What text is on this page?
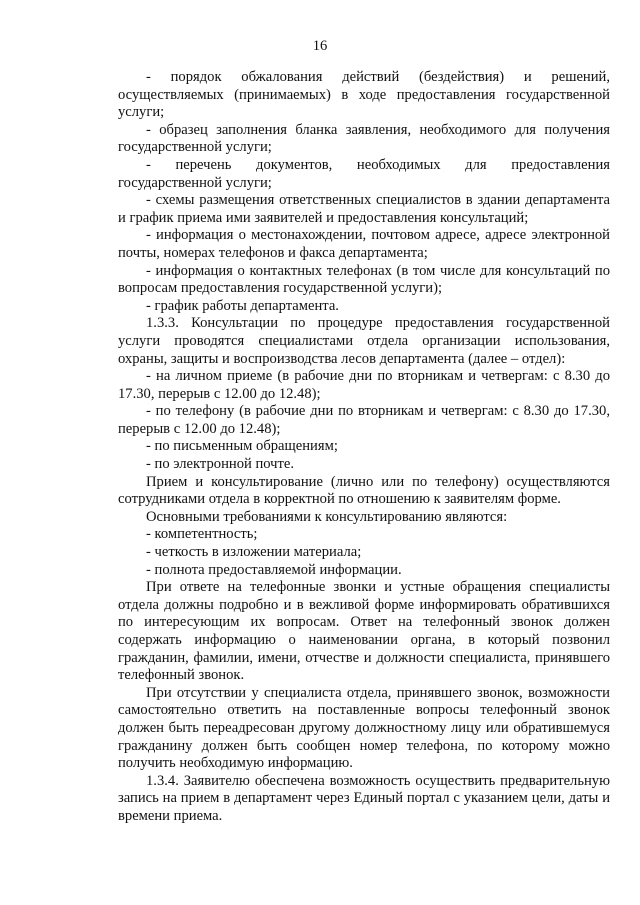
16

- порядок обжалования действий (бездействия) и решений, осуществляемых (принимаемых) в ходе предоставления государственной услуги;

- образец заполнения бланка заявления, необходимого для получения государственной услуги;

- перечень документов, необходимых для предоставления государственной услуги;

- схемы размещения ответственных специалистов в здании департамента и график приема ими заявителей и предоставления консультаций;

- информация о местонахождении, почтовом адресе, адресе электронной почты, номерах телефонов и факса департамента;

- информация о контактных телефонах (в том числе для консультаций по вопросам предоставления государственной услуги);

- график работы департамента.

1.3.3. Консультации по процедуре предоставления государственной услуги проводятся специалистами отдела организации использования, охраны, защиты и воспроизводства лесов департамента (далее – отдел):

- на личном приеме (в рабочие дни по вторникам и четвергам: с 8.30 до 17.30, перерыв с 12.00 до 12.48);

- по телефону (в рабочие дни по вторникам и четвергам: с 8.30 до 17.30, перерыв с 12.00 до 12.48);

- по письменным обращениям;

- по электронной почте.

Прием и консультирование (лично или по телефону) осуществляются сотрудниками отдела в корректной по отношению к заявителям форме.

Основными требованиями к консультированию являются:

- компетентность;

- четкость в изложении материала;

- полнота предоставляемой информации.

При ответе на телефонные звонки и устные обращения специалисты отдела должны подробно и в вежливой форме информировать обратившихся по интересующим их вопросам. Ответ на телефонный звонок должен содержать информацию о наименовании органа, в который позвонил гражданин, фамилии, имени, отчестве и должности специалиста, принявшего телефонный звонок.

При отсутствии у специалиста отдела, принявшего звонок, возможности самостоятельно ответить на поставленные вопросы телефонный звонок должен быть переадресован другому должностному лицу или обратившемуся гражданину должен быть сообщен номер телефона, по которому можно получить необходимую информацию.

1.3.4. Заявителю обеспечена возможность осуществить предварительную запись на прием в департамент через Единый портал с указанием цели, даты и времени приема.
